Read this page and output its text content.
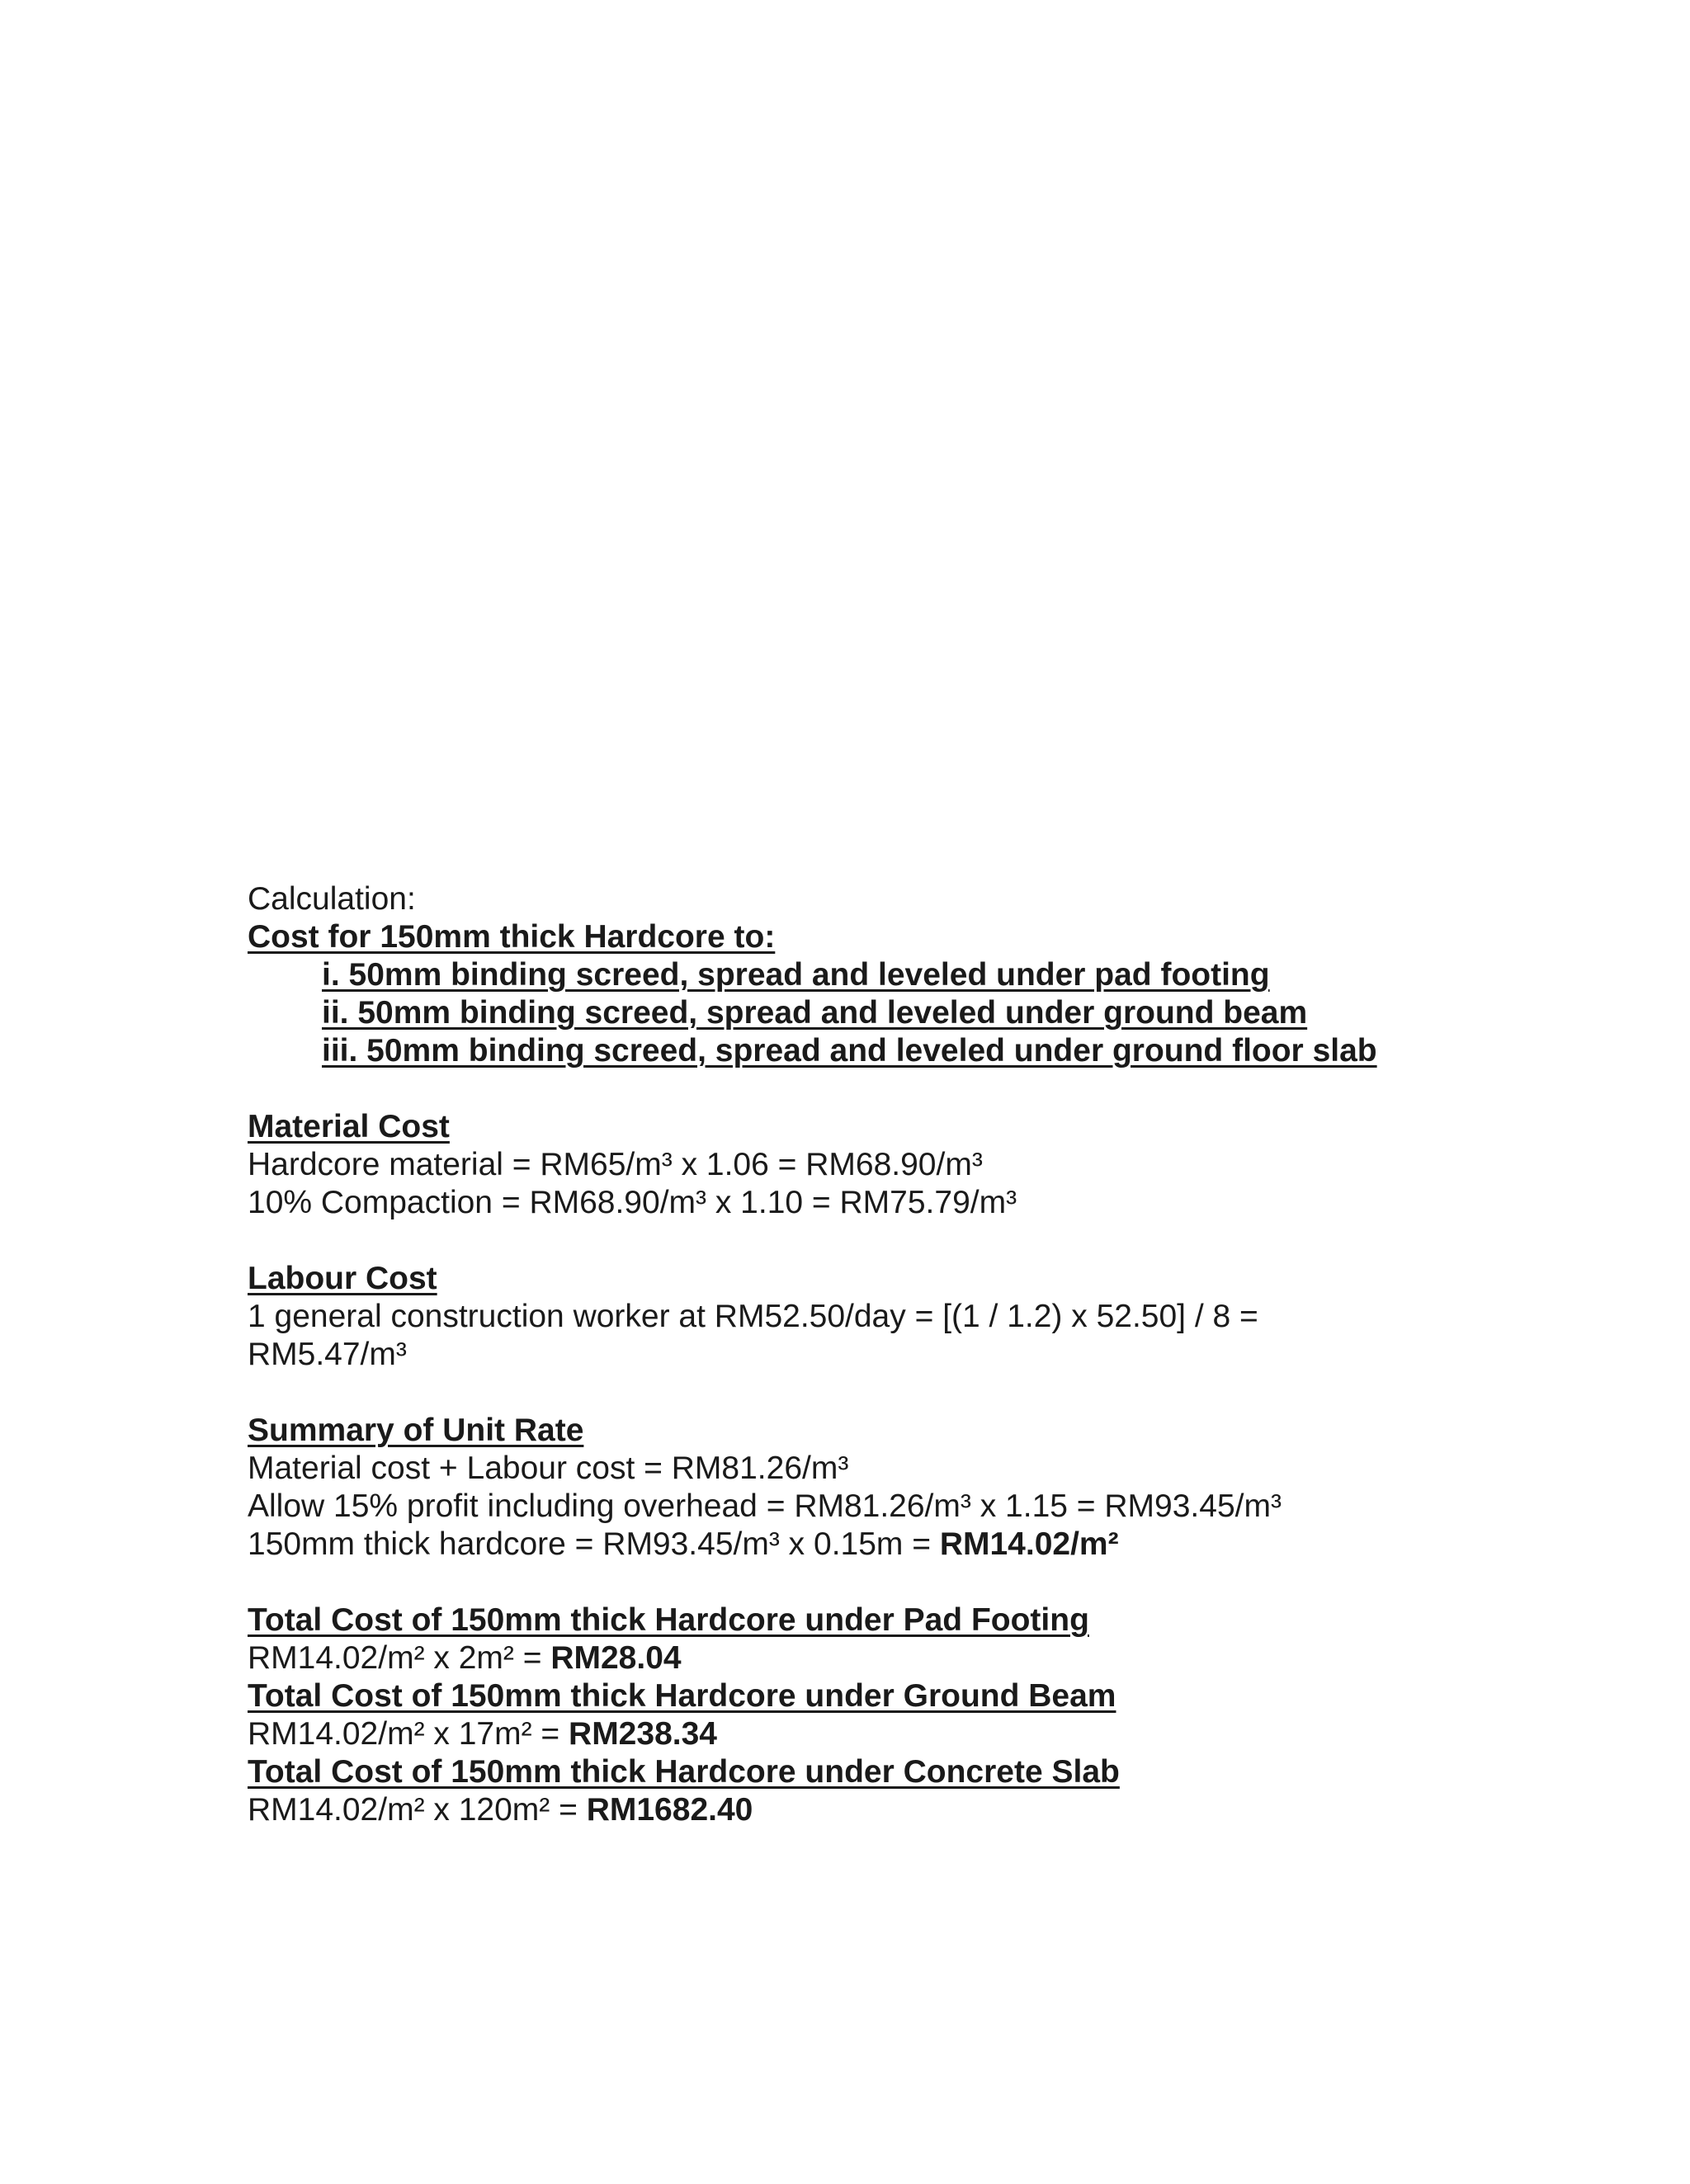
Calculation:

Cost for 150mm thick Hardcore to:

i. 50mm binding screed, spread and leveled under pad footing

ii. 50mm binding screed, spread and leveled under ground beam

iii. 50mm binding screed, spread and leveled under ground floor slab

Material Cost

Hardcore material = RM65/m³ x 1.06 = RM68.90/m³

10% Compaction = RM68.90/m³ x 1.10 = RM75.79/m³

Labour Cost

1 general construction worker at RM52.50/day = [(1 / 1.2) x 52.50] / 8 =

RM5.47/m³

Summary of Unit Rate

Material cost + Labour cost = RM81.26/m³

Allow 15% profit including overhead = RM81.26/m³ x 1.15 = RM93.45/m³

150mm thick hardcore = RM93.45/m³ x 0.15m = RM14.02/m²

Total Cost of 150mm thick Hardcore under Pad Footing

RM14.02/m² x 2m² = RM28.04

Total Cost of 150mm thick Hardcore under Ground Beam

RM14.02/m² x 17m² = RM238.34

Total Cost of 150mm thick Hardcore under Concrete Slab

RM14.02/m² x 120m² = RM1682.40
